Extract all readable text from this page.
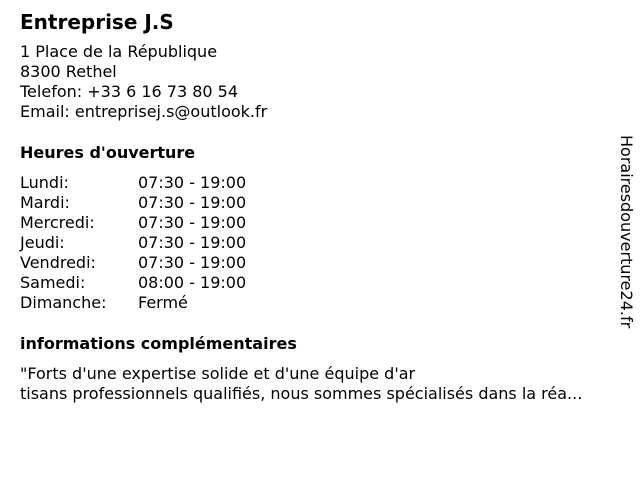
Entreprise J.S
1 Place de la République
8300 Rethel
Telefon: +33 6 16 73 80 54
Email: entreprisej.s@outlook.fr
Heures d'ouverture
Lundi:	07:30 - 19:00
Mardi:	07:30 - 19:00
Mercredi:	07:30 - 19:00
Jeudi:	07:30 - 19:00
Vendredi:	07:30 - 19:00
Samedi:	08:00 - 19:00
Dimanche:	Fermé
informations complémentaires
"Forts d'une expertise solide et d'une équipe d'ar
tisans professionnels qualifiés, nous sommes spécialisés dans la réa...
Horairesdouverture24.fr
